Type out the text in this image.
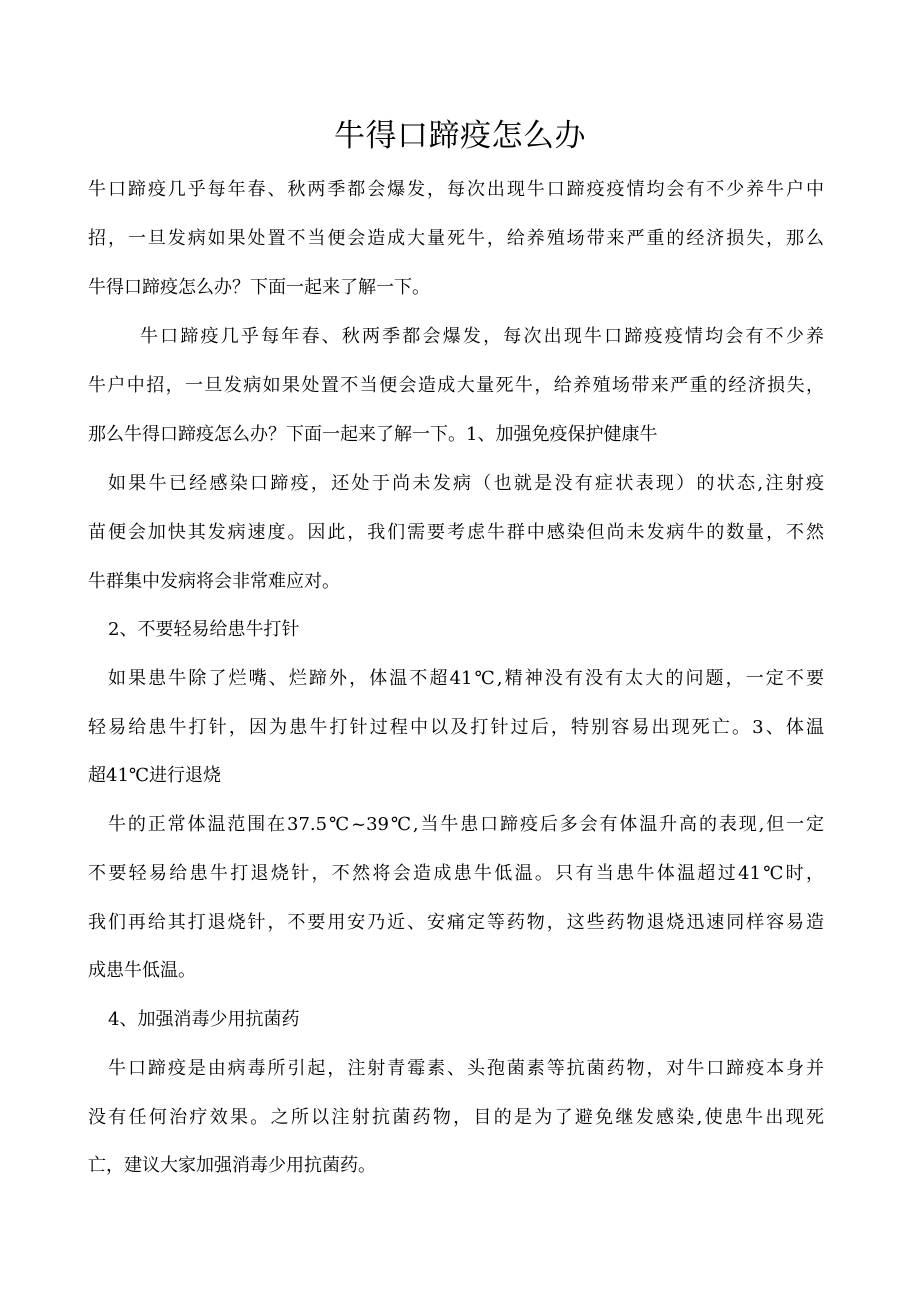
牛得口蹄疫怎么办
牛口蹄疫几乎每年春、秋两季都会爆发，每次出现牛口蹄疫疫情均会有不少养牛户中
招，一旦发病如果处置不当便会造成大量死牛，给养殖场带来严重的经济损失，那么
牛得口蹄疫怎么办？下面一起来了解一下。
牛口蹄疫几乎每年春、秋两季都会爆发，每次出现牛口蹄疫疫情均会有不少养
牛户中招，一旦发病如果处置不当便会造成大量死牛，给养殖场带来严重的经济损失，
那么牛得口蹄疫怎么办？下面一起来了解一下。1、加强免疫保护健康牛
如果牛已经感染口蹄疫，还处于尚未发病（也就是没有症状表现）的状态,注射疫
苗便会加快其发病速度。因此，我们需要考虑牛群中感染但尚未发病牛的数量，不然
牛群集中发病将会非常难应对。
2、不要轻易给患牛打针
如果患牛除了烂嘴、烂蹄外，体温不超41℃,精神没有没有太大的问题，一定不要
轻易给患牛打针，因为患牛打针过程中以及打针过后，特别容易出现死亡。3、体温
超41℃进行退烧
牛的正常体温范围在37.5℃~39℃,当牛患口蹄疫后多会有体温升高的表现,但一定
不要轻易给患牛打退烧针，不然将会造成患牛低温。只有当患牛体温超过41℃时，
我们再给其打退烧针，不要用安乃近、安痛定等药物，这些药物退烧迅速同样容易造
成患牛低温。
4、加强消毒少用抗菌药
牛口蹄疫是由病毒所引起，注射青霉素、头孢菌素等抗菌药物，对牛口蹄疫本身并
没有任何治疗效果。之所以注射抗菌药物，目的是为了避免继发感染,使患牛出现死
亡，建议大家加强消毒少用抗菌药。
